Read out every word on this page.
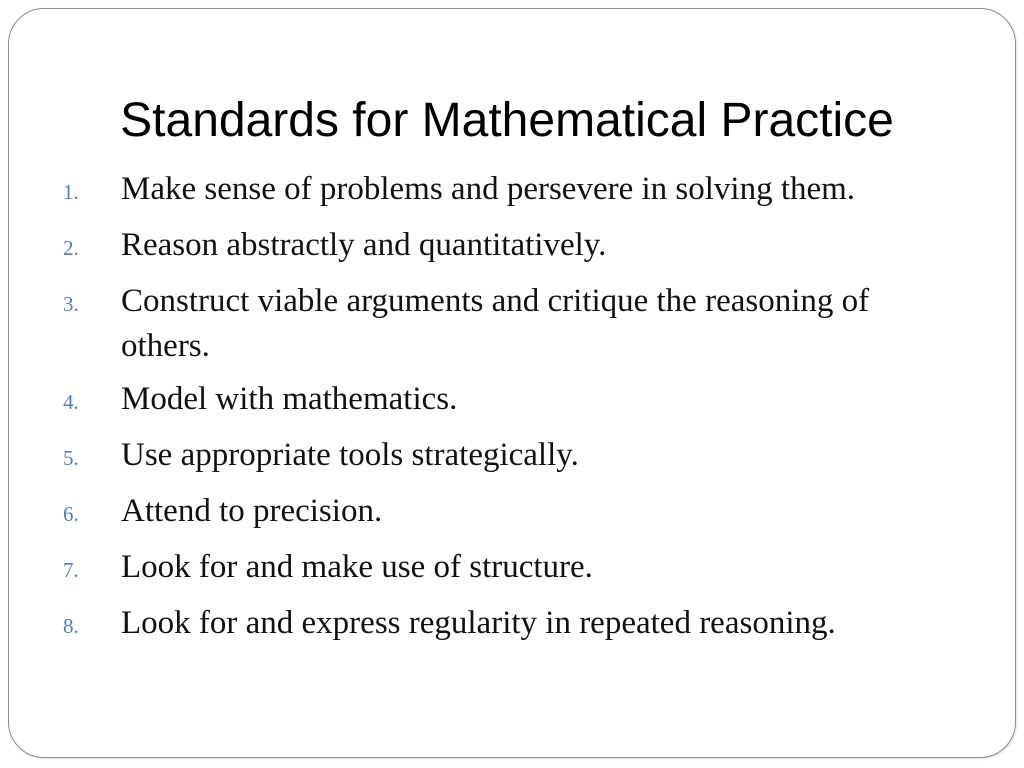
Standards for Mathematical Practice
1.	Make sense of problems and persevere in solving them.
2.	Reason abstractly and quantitatively.
3.	Construct viable arguments and critique the reasoning of others.
4.	Model with mathematics.
5.	Use appropriate tools strategically.
6.	Attend to precision.
7.	Look for and make use of structure.
8.	Look for and express regularity in repeated reasoning.
